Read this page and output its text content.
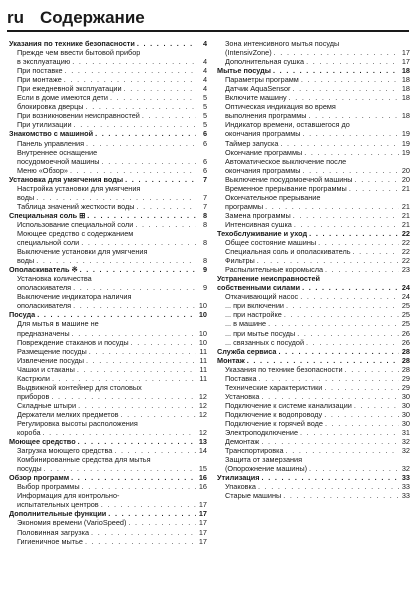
ru Содержание
Указания по технике безопасности . . .	4
Прежде чем ввести бытовой прибор
в эксплуатацию . . .	4
При поставке . . .	4
При монтаже . . .	4
При ежедневной эксплуатации . . .	4
Если в доме имеются дети . . .	5
блокировка дверцы . . .	5
При возникновении неисправностей . . .	5
При утилизации . . .	5
Знакомство с машиной . . .	6
Панель управления . . .	6
Внутреннее оснащение
посудомоечной машины . . .	6
Меню «Обзор» . . .	6
Установка для умягчения воды . . .	7
Настройка установки для умягчения
воды . . .	7
Таблица значений жесткости воды . . .	7
Специальная соль ⊞ . . .	8
Использование специальной соли . . .	8
Моющее средство с содержанием
специальной соли . . .	8
Выключение установки для умягчения
воды . . .	8
Ополаскиватель ※ . . .	9
Установка количества
ополаскивателя . . .	9
Выключение индикатора наличия
ополаскивателя . . .	10
Посуда . . .	10
Для мытья в машине не
предназначены . . .	10
Повреждение стаканов и посуды . . .	10
Размещение посуды . . .	11
Извлечение посуды . . .	11
Чашки и стаканы . . .	11
Кастрюли . . .	11
Выдвижной контейнер для столовых
приборов . . .	12
Складные штыри . . .	12
Держатели мелких предметов . . .	12
Регулировка высоты расположения
короба . . .	12
Моющее средство . . .	13
Загрузка моющего средства . . .	14
Комбинированные средства для мытья
посуды . . .	15
Обзор программ . . .	16
Выбор программы . . .	16
Информация для контрольно-
испытательных центров . . .	17
Дополнительные функции . . .	17
Экономия времени (VarioSpeed) . . .	17
Половинная загрузка . . .	17
Гигиеничное мытье . . .	17
Зона интенсивного мытья посуды
(IntensivZone) . . .	17
Дополнительная сушка . . .	17
Мытье посуды . . .	18
Параметры программ . . .	18
Датчик AquaSensor . . .	18
Включите машину . . .	18
Оптическая индикация во время
выполнения программы . . .	18
Индикатор времени, оставшегося до
окончания программы . . .	19
Таймер запуска . . .	19
Окончание программы . . .	19
Автоматическое выключение после
окончания программы . . .	20
Выключение посудомоечной машины . . .	20
Временное прерывание программы . . .	21
Окончательное прерывание
программы . . .	21
Замена программы . . .	21
Интенсивная сушка . . .	21
Техобслуживание и уход . . .	22
Общее состояние машины . . .	22
Специальная соль и ополаскиватель . . .	22
Фильтры . . .	22
Распылительные коромысла . . .	23
Устранение неисправностей
собственными силами . . .	24
Откачивающий насос . . .	24
... при включении . . .	25
... при настройке . . .	25
... в машине . . .	25
... при мытье посуды . . .	26
... связанных с посудой . . .	26
Служба сервиса . . .	28
Монтаж . . .	28
Указания по технике безопасности . . .	28
Поставка . . .	29
Технические характеристики . . .	29
Установка . . .	30
Подключение к системе канализации . . .	30
Подключение к водопроводу . . .	30
Подключение к горячей воде . . .	30
Электроподключение . . .	31
Демонтаж . . .	32
Транспортировка . . .	32
Защита от замерзания
(Опорожнение машины) . . .	32
Утилизация . . .	33
Упаковка . . .	33
Старые машины . . .	33
